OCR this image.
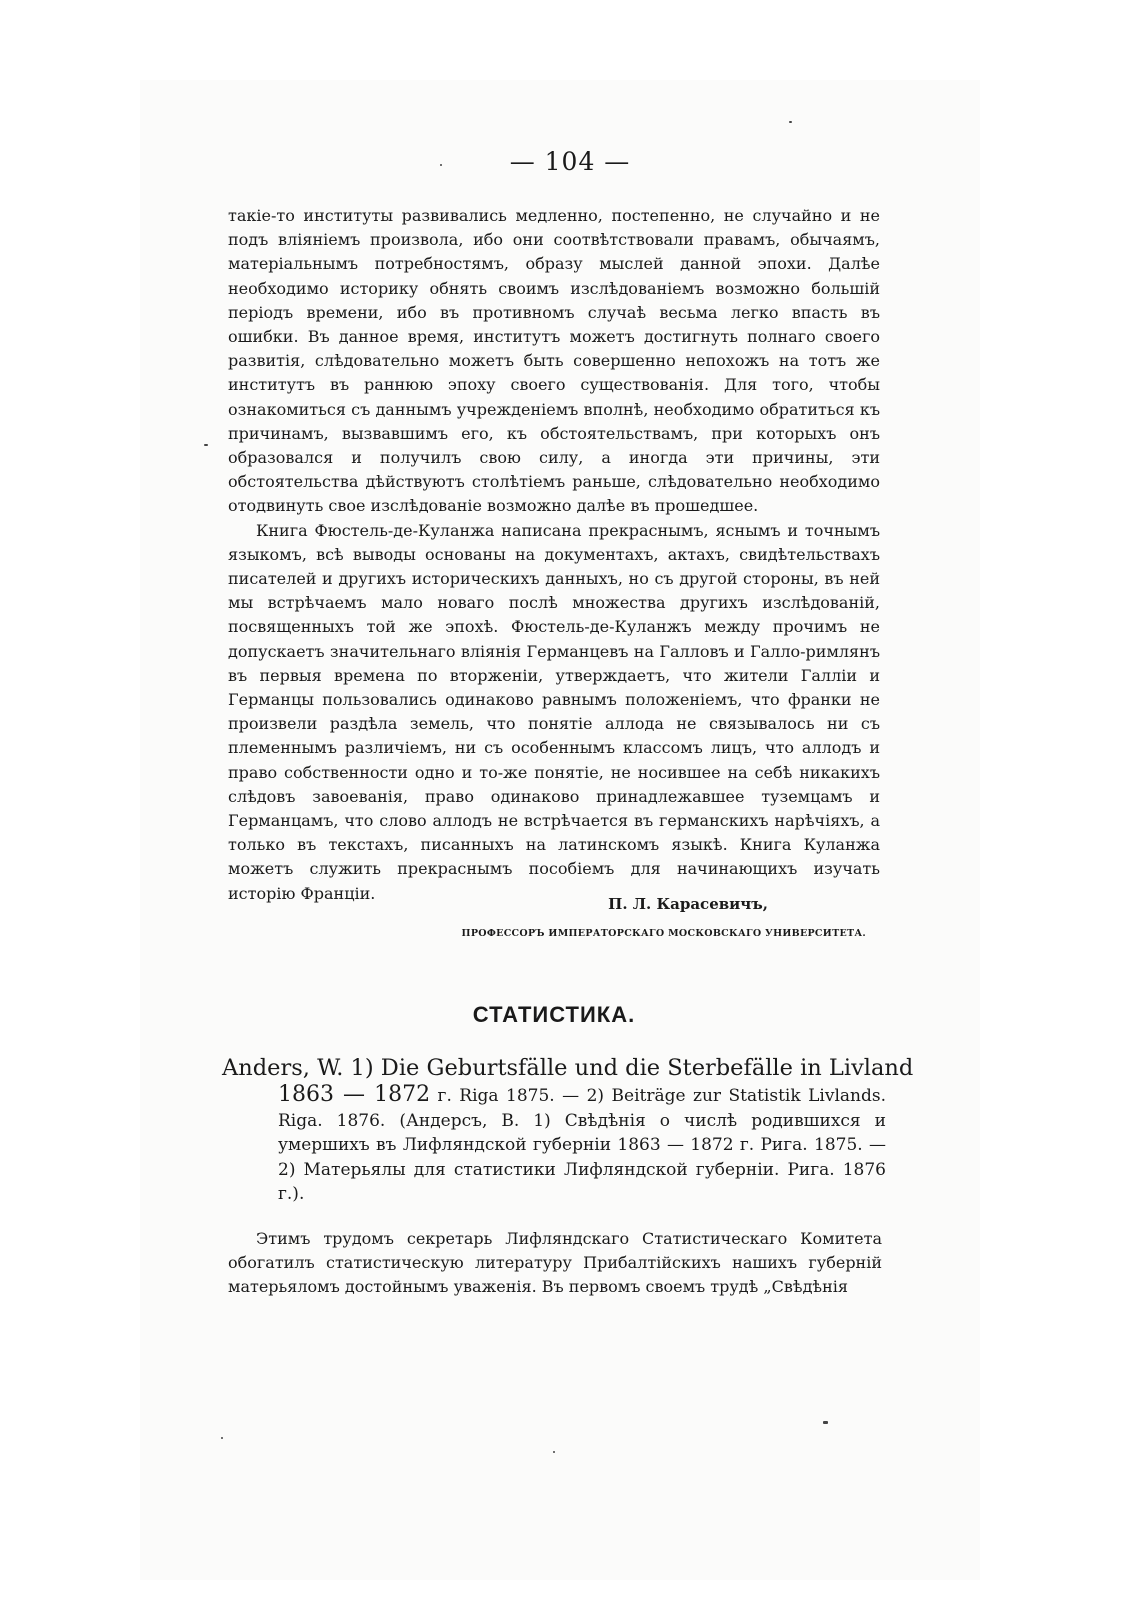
— 104 —

такіе-то институты развивались медленно, постепенно, не случайно и не подъ вліяніемъ произвола, ибо они соотвѣтствовали правамъ, обычаямъ, матеріальнымъ потребностямъ, образу мыслей данной эпохи. Далѣе необходимо историку обнять своимъ изслѣдованіемъ возможно большій періодъ времени, ибо въ противномъ случаѣ весьма легко впасть въ ошибки. Въ данное время, институтъ можетъ достигнуть полнаго своего развитія, слѣдовательно можетъ быть совершенно непохожъ на тотъ же институтъ въ раннюю эпоху своего существованія. Для того, чтобы ознакомиться съ даннымъ учрежденіемъ вполнѣ, необходимо обратиться къ причинамъ, вызвавшимъ его, къ обстоятельствамъ, при которыхъ онъ образовался и получилъ свою силу, а иногда эти причины, эти обстоятельства дѣйствуютъ столѣтіемъ раньше, слѣдовательно необходимо отодвинуть свое изслѣдованіе возможно далѣе въ прошедшее.

Книга Фюстель-де-Куланжа написана прекраснымъ, яснымъ и точнымъ языкомъ, всѣ выводы основаны на документахъ, актахъ, свидѣтельствахъ писателей и другихъ историческихъ данныхъ, но съ другой стороны, въ ней мы встрѣчаемъ мало новаго послѣ множества другихъ изслѣдованій, посвященныхъ той же эпохѣ. Фюстель-де-Куланжъ между прочимъ не допускаетъ значительнаго вліянія Германцевъ на Галловъ и Галло-римлянъ въ первыя времена по вторженіи, утверждаетъ, что жители Галліи и Германцы пользовались одинаково равнымъ положеніемъ, что франки не произвели раздѣла земель, что понятіе аллода не связывалось ни съ племеннымъ различіемъ, ни съ особеннымъ классомъ лицъ, что аллодъ и право собственности одно и то-же понятіе, не носившее на себѣ никакихъ слѣдовъ завоеванія, право одинаково принадлежавшее туземцамъ и Германцамъ, что слово аллодъ не встрѣчается въ германскихъ нарѣчіяхъ, а только въ текстахъ, писанныхъ на латинскомъ языкѣ. Книга Куланжа можетъ служить прекраснымъ пособіемъ для начинающихъ изучать исторію Франціи.

П. Л. Карасевичъ,
ПРОФЕССОРЪ ИМПЕРАТОРСКАГО МОСКОВСКАГО УНИВЕРСИТЕТА.
СТАТИСТИКА.
Anders, W. 1) Die Geburtsfälle und die Sterbefälle in Livland
1863 — 1872 г. Riga 1875. — 2) Beiträge zur Statistik Livlands. Riga. 1876. (Андерсъ, В. 1) Свѣдѣнія о числѣ родившихся и умершихъ въ Лифляндской губерніи 1863 — 1872 г. Рига. 1875. — 2) Матерьялы для статистики Лифляндской губерніи. Рига. 1876 г.).

Этимъ трудомъ секретарь Лифляндскаго Статистическаго Комитета обогатилъ статистическую литературу Прибалтійскихъ нашихъ губерній матерьяломъ достойнымъ уваженія. Въ первомъ своемъ трудѣ „Свѣдѣнія
